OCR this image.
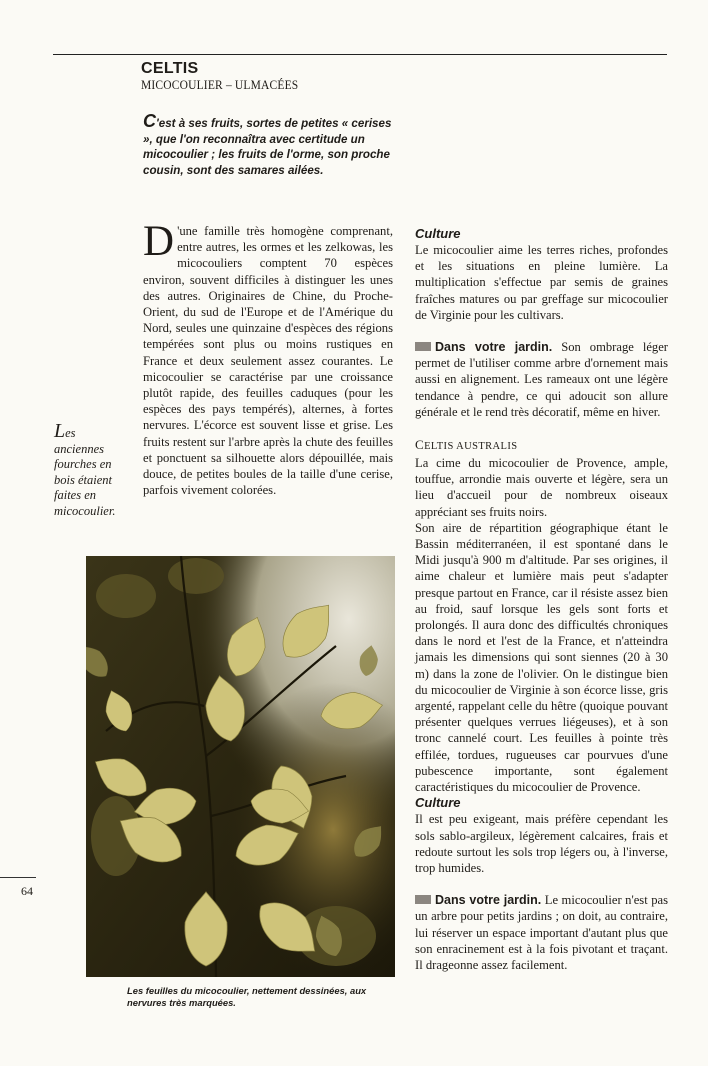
CELTIS
MICOCOULIER – ULMACÉES
C'est à ses fruits, sortes de petites « cerises », que l'on reconnaîtra avec certitude un micocoulier ; les fruits de l'orme, son proche cousin, sont des samares ailées.

D 'une famille très homogène comprenant, entre autres, les ormes et les zelkowas, les micocouliers comptent 70 espèces environ, souvent difficiles à distinguer les unes des autres. Originaires de Chine, du Proche-Orient, du sud de l'Europe et de l'Amérique du Nord, seules une quinzaine d'espèces des régions tempérées sont plus ou moins rustiques en France et deux seulement assez courantes. Le micocoulier se caractérise par une croissance plutôt rapide, des feuilles caduques (pour les espèces des pays tempérés), alternes, à fortes nervures. L'écorce est souvent lisse et grise. Les fruits restent sur l'arbre après la chute des feuilles et ponctuent sa silhouette alors dépouillée, mais douce, de petites boules de la taille d'une cerise, parfois vivement colorées.

Les anciennes fourches en bois étaient faites en micocoulier.
Les feuilles du micocoulier, nettement dessinées, aux nervures très marquées.
Culture

Le micocoulier aime les terres riches, profondes et les situations en pleine lumière. La multiplication s'effectue par semis de graines fraîches matures ou par greffage sur micocoulier de Virginie pour les cultivars.

Dans votre jardin. Son ombrage léger permet de l'utiliser comme arbre d'ornement mais aussi en alignement. Les rameaux ont une légère tendance à pendre, ce qui adoucit son allure générale et le rend très décoratif, même en hiver.

CELTIS AUSTRALIS

La cime du micocoulier de Provence, ample, touffue, arrondie mais ouverte et légère, sera un lieu d'accueil pour de nombreux oiseaux appréciant ses fruits noirs.

Son aire de répartition géographique étant le Bassin méditerranéen, il est spontané dans le Midi jusqu'à 900 m d'altitude. Par ses origines, il aime chaleur et lumière mais peut s'adapter presque partout en France, car il résiste assez bien au froid, sauf lorsque les gels sont forts et prolongés. Il aura donc des difficultés chroniques dans le nord et l'est de la France, et n'atteindra jamais les dimensions qui sont siennes (20 à 30 m) dans la zone de l'olivier. On le distingue bien du micocoulier de Virginie à son écorce lisse, gris argenté, rappelant celle du hêtre (quoique pouvant présenter quelques verrues liégeuses), et à son tronc cannelé court. Les feuilles à pointe très effilée, tordues, rugueuses car pourvues d'une pubescence importante, sont également caractéristiques du micocoulier de Provence.

Culture

Il est peu exigeant, mais préfère cependant les sols sablo-argileux, légèrement calcaires, frais et redoute surtout les sols trop légers ou, à l'inverse, trop humides.

Dans votre jardin. Le micocoulier n'est pas un arbre pour petits jardins ; on doit, au contraire, lui réserver un espace important d'autant plus que son enracinement est à la fois pivotant et traçant. Il drageonne assez facilement.

64
